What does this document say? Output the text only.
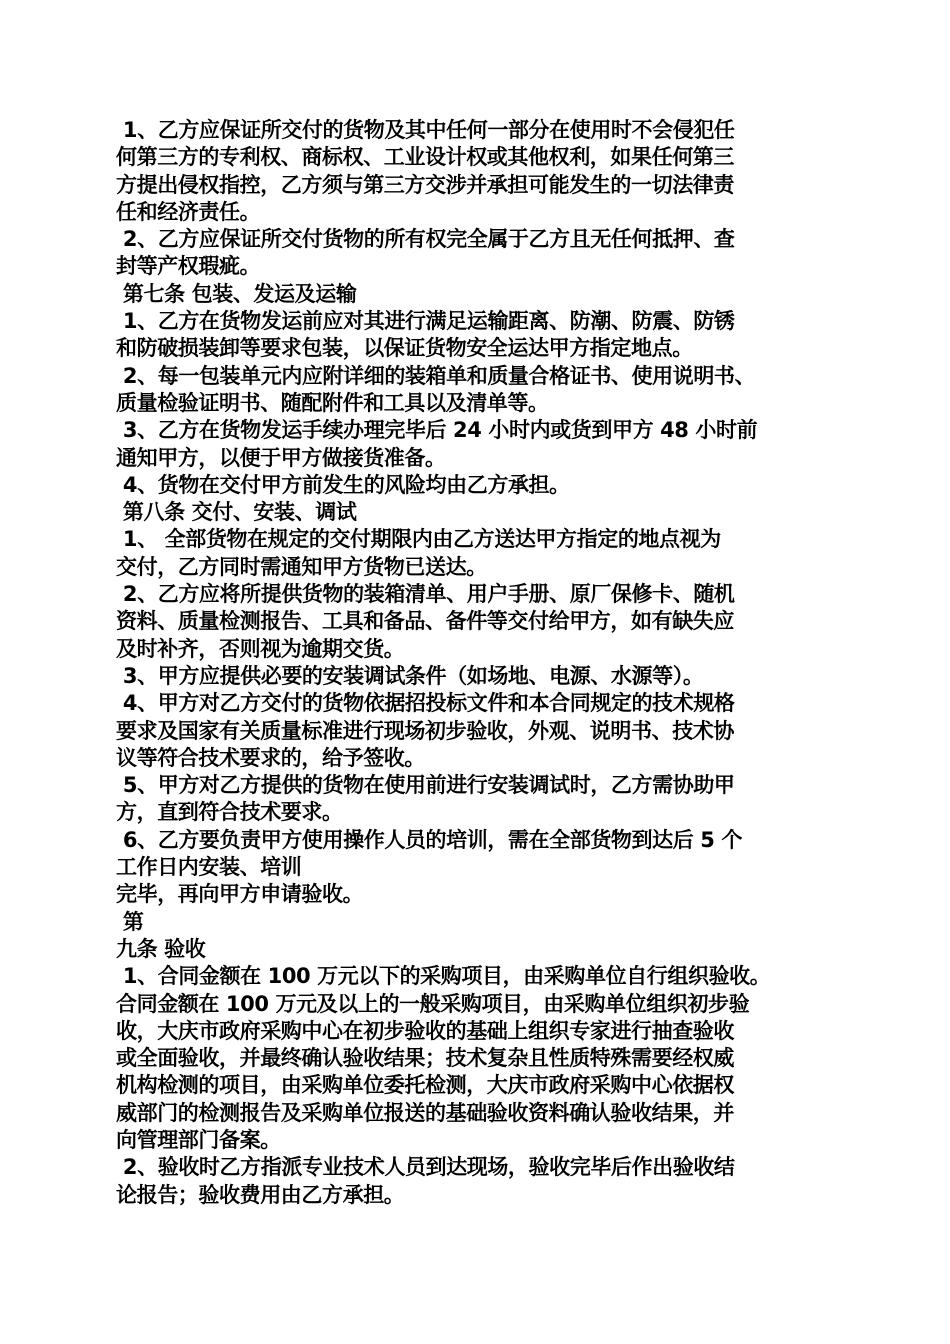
1、乙方应保证所交付的货物及其中任何一部分在使用时不会侵犯任
何第三方的专利权、商标权、工业设计权或其他权利，如果任何第三
方提出侵权指控，乙方须与第三方交涉并承担可能发生的一切法律责
任和经济责任。
2、乙方应保证所交付货物的所有权完全属于乙方且无任何抵押、查
封等产权瑕疵。
第七条 包装、发运及运输
1、乙方在货物发运前应对其进行满足运输距离、防潮、防震、防锈
和防破损装卸等要求包装，以保证货物安全运达甲方指定地点。
2、每一包装单元内应附详细的装箱单和质量合格证书、使用说明书、
质量检验证明书、随配附件和工具以及清单等。
3、乙方在货物发运手续办理完毕后 24 小时内或货到甲方 48 小时前
通知甲方，以便于甲方做接货准备。
4、货物在交付甲方前发生的风险均由乙方承担。
第八条 交付、安装、调试
1、 全部货物在规定的交付期限内由乙方送达甲方指定的地点视为
交付，乙方同时需通知甲方货物已送达。
2、乙方应将所提供货物的装箱清单、用户手册、原厂保修卡、随机
资料、质量检测报告、工具和备品、备件等交付给甲方，如有缺失应
及时补齐，否则视为逾期交货。
3、甲方应提供必要的安装调试条件（如场地、电源、水源等）。
4、甲方对乙方交付的货物依据招投标文件和本合同规定的技术规格
要求及国家有关质量标准进行现场初步验收，外观、说明书、技术协
议等符合技术要求的，给予签收。
5、甲方对乙方提供的货物在使用前进行安装调试时，乙方需协助甲
方，直到符合技术要求。
6、乙方要负责甲方使用操作人员的培训，需在全部货物到达后 5 个
工作日内安装、培训
完毕，再向甲方申请验收。
第
九条 验收
1、合同金额在 100 万元以下的采购项目，由采购单位自行组织验收。
合同金额在 100 万元及以上的一般采购项目，由采购单位组织初步验
收，大庆市政府采购中心在初步验收的基础上组织专家进行抽查验收
或全面验收，并最终确认验收结果；技术复杂且性质特殊需要经权威
机构检测的项目，由采购单位委托检测，大庆市政府采购中心依据权
威部门的检测报告及采购单位报送的基础验收资料确认验收结果，并
向管理部门备案。
2、验收时乙方指派专业技术人员到达现场，验收完毕后作出验收结
论报告；验收费用由乙方承担。
